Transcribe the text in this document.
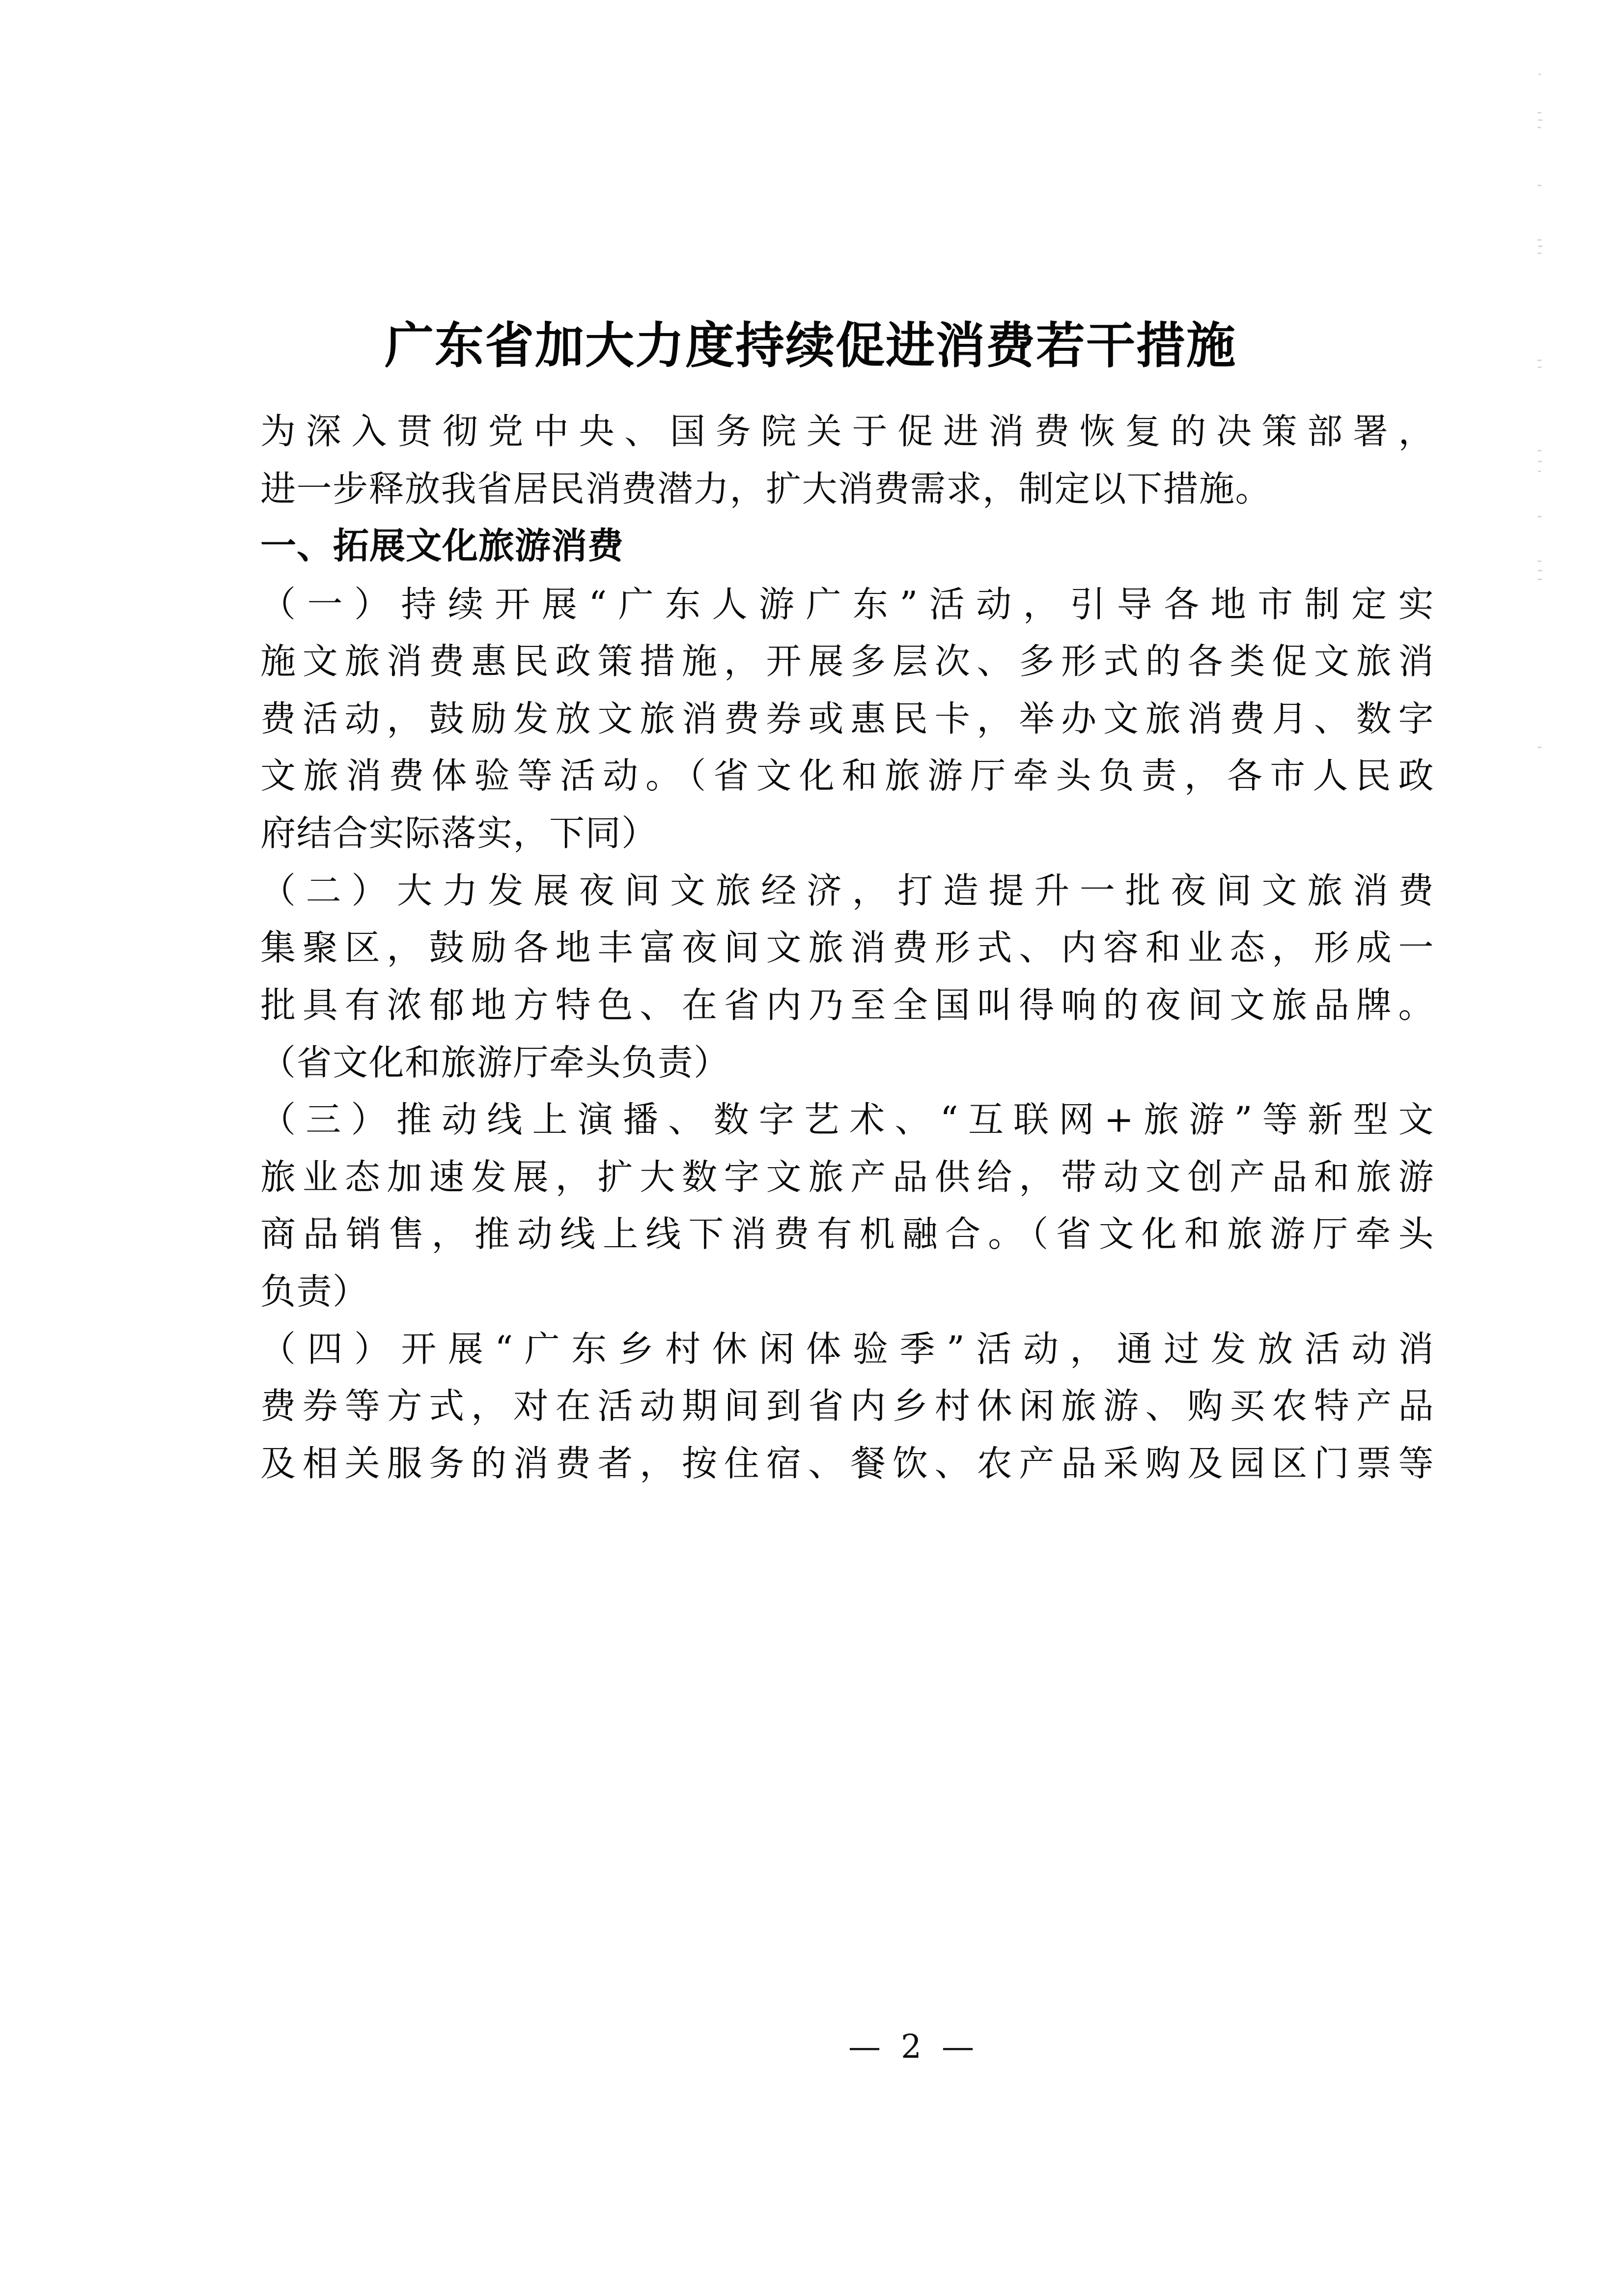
广东省加大力度持续促进消费若干措施

为深入贯彻党中央、国务院关于促进消费恢复的决策部署，
进一步释放我省居民消费潜力，扩大消费需求，制定以下措施。

一、拓展文化旅游消费

（一）持续开展“广东人游广东”活动，引导各地市制定实
施文旅消费惠民政策措施，开展多层次、多形式的各类促文旅消
费活动，鼓励发放文旅消费券或惠民卡，举办文旅消费月、数字
文旅消费体验等活动。（省文化和旅游厅牵头负责，各市人民政
府结合实际落实，下同）

（二）大力发展夜间文旅经济，打造提升一批夜间文旅消费
集聚区，鼓励各地丰富夜间文旅消费形式、内容和业态，形成一
批具有浓郁地方特色、在省内乃至全国叫得响的夜间文旅品牌。
（省文化和旅游厅牵头负责）

（三）推动线上演播、数字艺术、“互联网+旅游”等新型文
旅业态加速发展，扩大数字文旅产品供给，带动文创产品和旅游
商品销售，推动线上线下消费有机融合。（省文化和旅游厅牵头
负责）

（四）开展“广东乡村休闲体验季”活动，通过发放活动消
费券等方式，对在活动期间到省内乡村休闲旅游、购买农特产品
及相关服务的消费者，按住宿、餐饮、农产品采购及园区门票等

— 2 —
